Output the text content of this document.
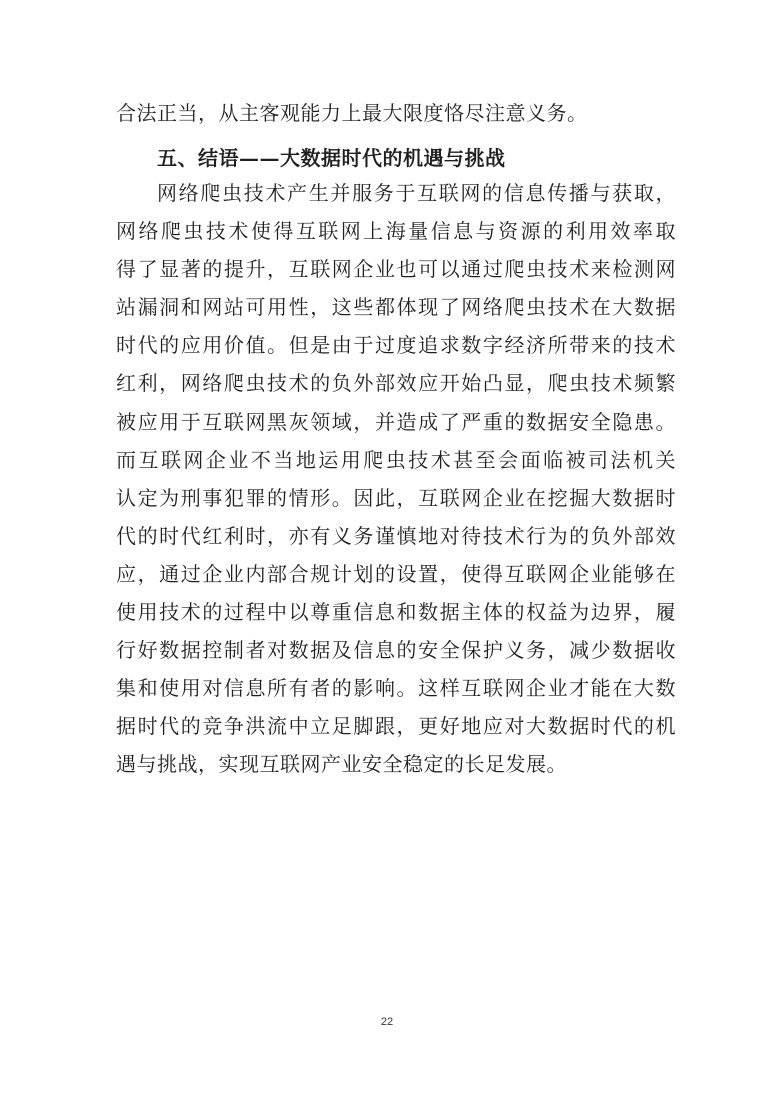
合法正当，从主客观能力上最大限度恪尽注意义务。
五、结语——大数据时代的机遇与挑战
网络爬虫技术产生并服务于互联网的信息传播与获取，
网络爬虫技术使得互联网上海量信息与资源的利用效率取
得了显著的提升，互联网企业也可以通过爬虫技术来检测网
站漏洞和网站可用性，这些都体现了网络爬虫技术在大数据
时代的应用价值。但是由于过度追求数字经济所带来的技术
红利，网络爬虫技术的负外部效应开始凸显，爬虫技术频繁
被应用于互联网黑灰领域，并造成了严重的数据安全隐患。
而互联网企业不当地运用爬虫技术甚至会面临被司法机关
认定为刑事犯罪的情形。因此，互联网企业在挖掘大数据时
代的时代红利时，亦有义务谨慎地对待技术行为的负外部效
应，通过企业内部合规计划的设置，使得互联网企业能够在
使用技术的过程中以尊重信息和数据主体的权益为边界，履
行好数据控制者对数据及信息的安全保护义务，减少数据收
集和使用对信息所有者的影响。这样互联网企业才能在大数
据时代的竞争洪流中立足脚跟，更好地应对大数据时代的机
遇与挑战，实现互联网产业安全稳定的长足发展。
22
